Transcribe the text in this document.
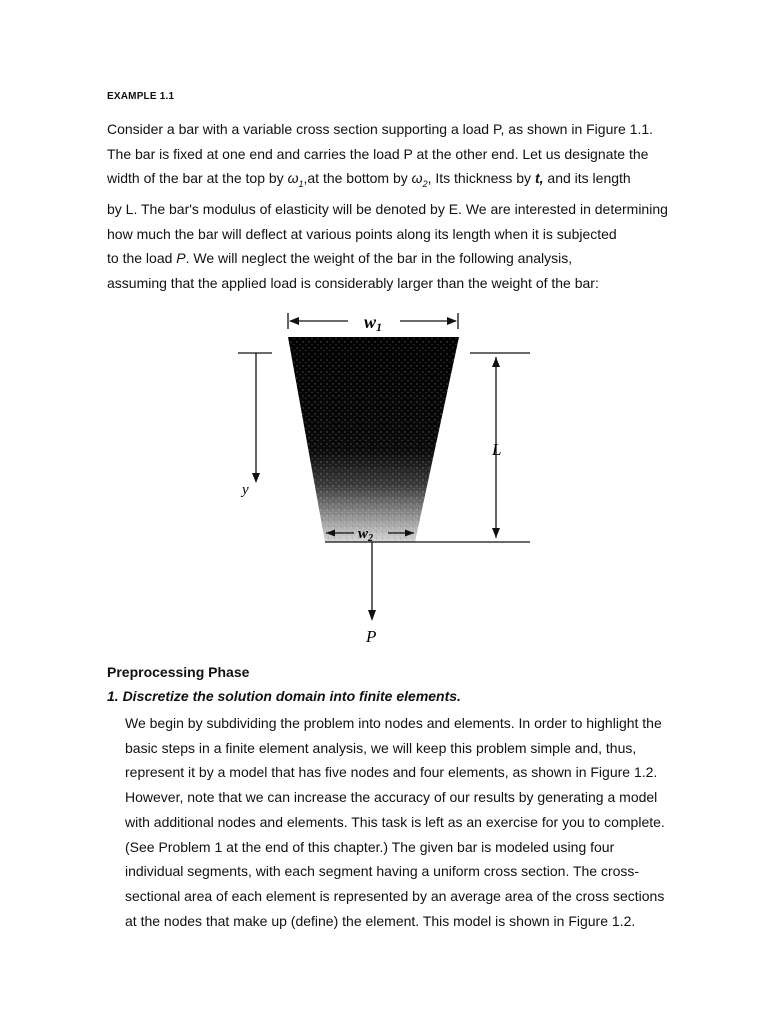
EXAMPLE 1.1
Consider a bar with a variable cross section supporting a load P, as shown in Figure 1.1.
The bar is fixed at one end and carries the load P at the other end. Let us designate the
width of the bar at the top by $\omega_1,at$ the bottom by $\omega_2$, Its thickness by t, and its length
by L. The bar's modulus of elasticity will be denoted by E. We are interested in determining
how much the bar will deflect at various points along its length when it is subjected
to the load P. We will neglect the weight of the bar in the following analysis,
assuming that the applied load is considerably larger than the weight of the bar:
w1
$w_2$
L
y
P
Preprocessing Phase
1. Discretize the solution domain into finite elements.
We begin by subdividing the problem into nodes and elements. In order to highlight the
basic steps in a finite element analysis, we will keep this problem simple and, thus,
represent it by a model that has five nodes and four elements, as shown in Figure 1.2.
However, note that we can increase the accuracy of our results by generating a model
with additional nodes and elements. This task is left as an exercise for you to complete.
(See Problem 1 at the end of this chapter.) The given bar is modeled using four
individual segments, with each segment having a uniform cross section. The cross-
sectional area of each element is represented by an average area of the cross sections
at the nodes that make up (define) the element. This model is shown in Figure 1.2.
